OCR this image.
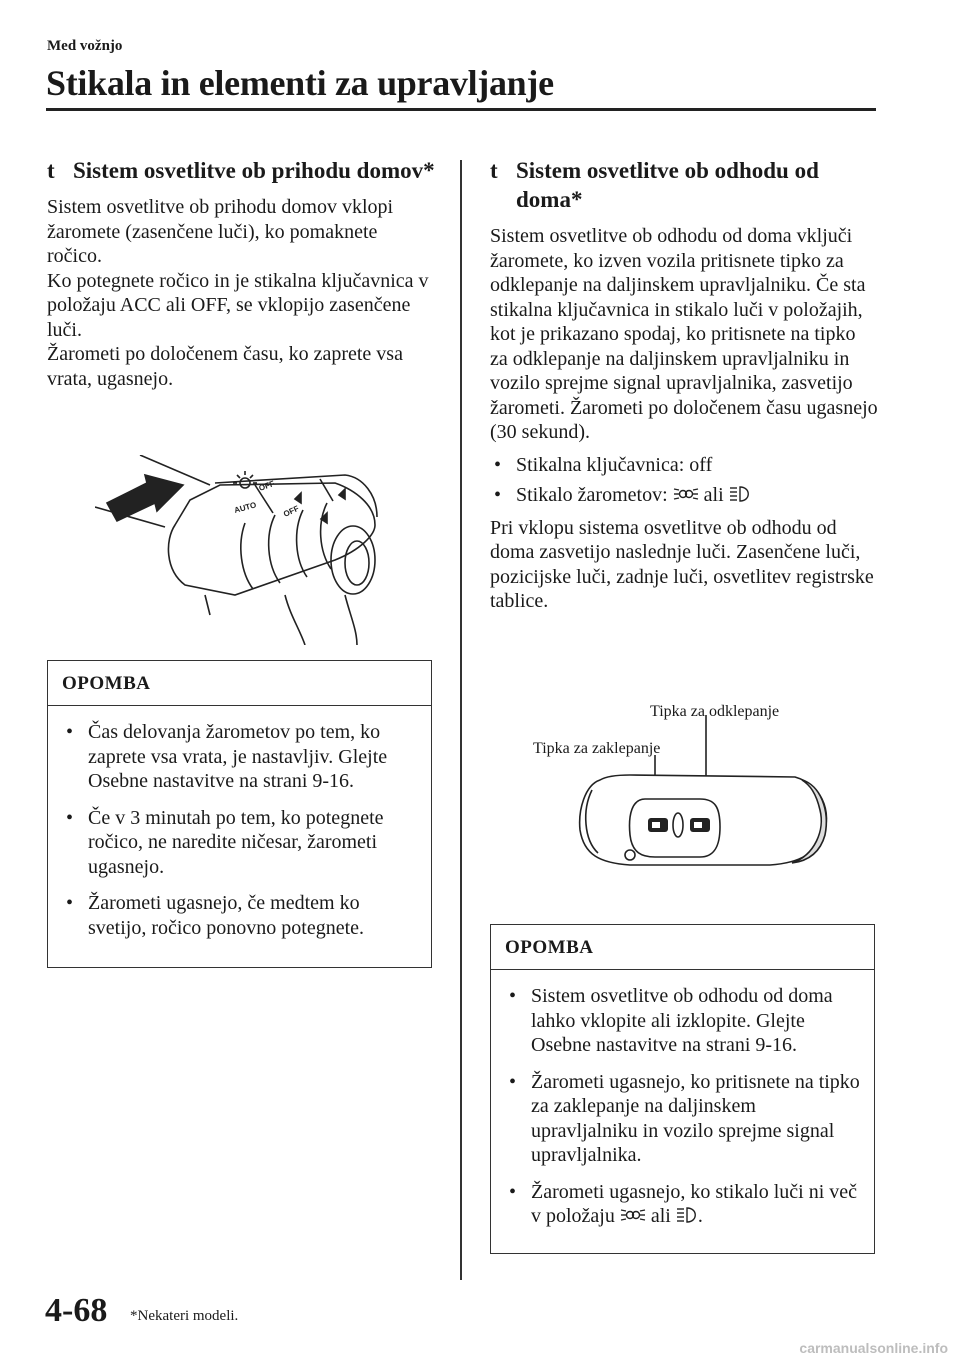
Med vožnjo
Stikala in elementi za upravljanje
t Sistem osvetlitve ob prihodu domov*

Sistem osvetlitve ob prihodu domov vklopi žaromete (zasenčene luči), ko pomaknete ročico.

Ko potegnete ročico in je stikalna ključavnica v položaju ACC ali OFF, se vklopijo zasenčene luči.

Žarometi po določenem času, ko zaprete vsa vrata, ugasnejo.

OFF
AUTO	OFF
OPOMBA
• Čas delovanja žarometov po tem, ko zaprete vsa vrata, je nastavljiv. Glejte Osebne nastavitve na strani 9-16.
• Če v 3 minutah po tem, ko potegnete ročico, ne naredite ničesar, žarometi ugasnejo.
• Žarometi ugasnejo, če medtem ko svetijo, ročico ponovno potegnete.
t Sistem osvetlitve ob odhodu od doma*

Sistem osvetlitve ob odhodu od doma vključi žaromete, ko izven vozila pritisnete tipko za odklepanje na daljinskem upravljalniku. Če sta stikalna ključavnica in stikalo luči v položajih, kot je prikazano spodaj, ko pritisnete na tipko za odklepanje na daljinskem upravljalniku in vozilo sprejme signal upravljalnika, zasvetijo žarometi. Žarometi po določenem času ugasnejo (30 sekund).

• Stikalna ključavnica: off
• Stikalo žarometov: ali
Pri vklopu sistema osvetlitve ob odhodu od doma zasvetijo naslednje luči. Zasenčene luči, pozicijske luči, zadnje luči, osvetlitev registrske tablice.
Tipka za odklepanje
Tipka za zaklepanje
OPOMBA
• Sistem osvetlitve ob odhodu od doma lahko vklopite ali izklopite. Glejte Osebne nastavitve na strani 9-16.
• Žarometi ugasnejo, ko pritisnete na tipko za zaklepanje na daljinskem upravljalniku in vozilo sprejme signal upravljalnika.
• Žarometi ugasnejo, ko stikalo luči ni več v položaju ali .
4-68 *Nekateri modeli.
carmanualsonline.info
